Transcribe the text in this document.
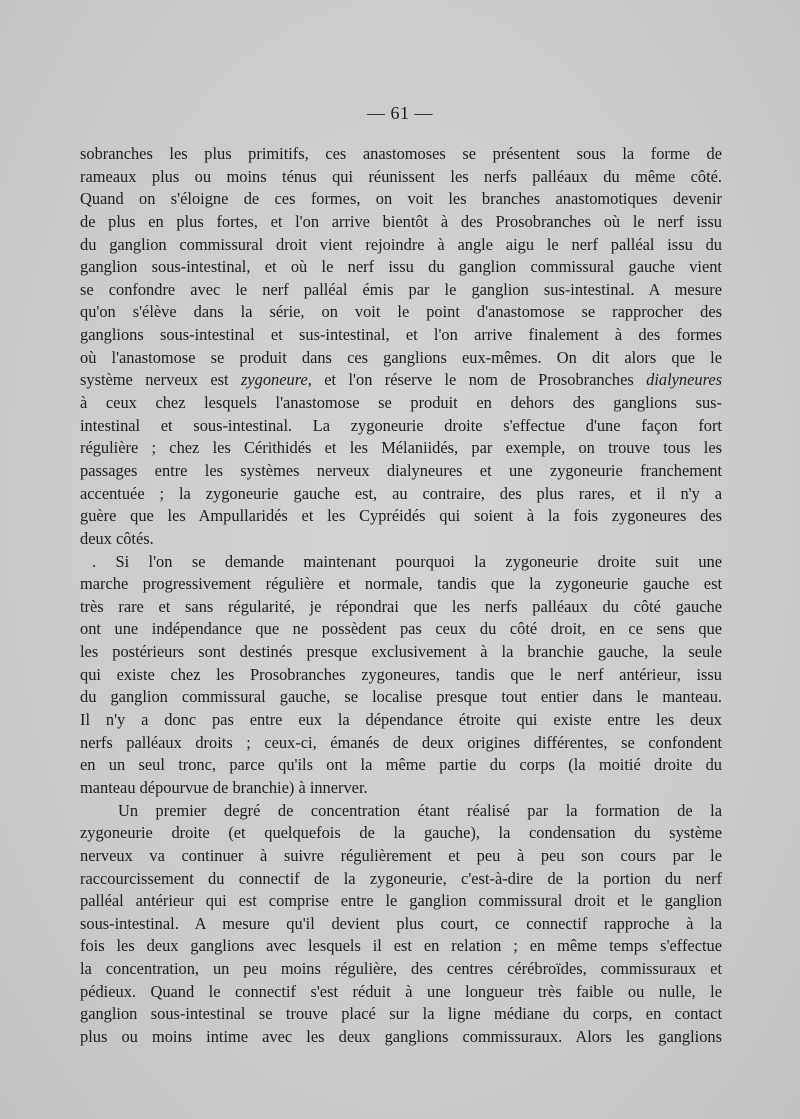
— 61 —
sobranches les plus primitifs, ces anastomoses se présentent sous la forme de
rameaux plus ou moins ténus qui réunissent les nerfs palléaux du même côté.
Quand on s'éloigne de ces formes, on voit les branches anastomotiques devenir
de plus en plus fortes, et l'on arrive bientôt à des Prosobranches où le nerf issu
du ganglion commissural droit vient rejoindre à angle aigu le nerf palléal issu du
ganglion sous-intestinal, et où le nerf issu du ganglion commissural gauche vient
se confondre avec le nerf palléal émis par le ganglion sus-intestinal. A mesure
qu'on s'élève dans la série, on voit le point d'anastomose se rapprocher des
ganglions sous-intestinal et sus-intestinal, et l'on arrive finalement à des formes
où l'anastomose se produit dans ces ganglions eux-mêmes. On dit alors que le
système nerveux est zygoneure, et l'on réserve le nom de Prosobranches dialyneures
à ceux chez lesquels l'anastomose se produit en dehors des ganglions sus-
intestinal et sous-intestinal. La zygoneurie droite s'effectue d'une façon fort
régulière ; chez les Cérithidés et les Mélaniidés, par exemple, on trouve tous les
passages entre les systèmes nerveux dialyneures et une zygoneurie franchement
accentuée ; la zygoneurie gauche est, au contraire, des plus rares, et il n'y a
guère que les Ampullaridés et les Cypréidés qui soient à la fois zygoneures des
deux côtés.
. Si l'on se demande maintenant pourquoi la zygoneurie droite suit une
marche progressivement régulière et normale, tandis que la zygoneurie gauche est
très rare et sans régularité, je répondrai que les nerfs palléaux du côté gauche
ont une indépendance que ne possèdent pas ceux du côté droit, en ce sens que
les postérieurs sont destinés presque exclusivement à la branchie gauche, la seule
qui existe chez les Prosobranches zygoneures, tandis que le nerf antérieur, issu
du ganglion commissural gauche, se localise presque tout entier dans le manteau.
Il n'y a donc pas entre eux la dépendance étroite qui existe entre les deux
nerfs palléaux droits ; ceux-ci, émanés de deux origines différentes, se confondent
en un seul tronc, parce qu'ils ont la même partie du corps (la moitié droite du
manteau dépourvue de branchie) à innerver.
Un premier degré de concentration étant réalisé par la formation de la
zygoneurie droite (et quelquefois de la gauche), la condensation du système
nerveux va continuer à suivre régulièrement et peu à peu son cours par le
raccourcissement du connectif de la zygoneurie, c'est-à-dire de la portion du nerf
palléal antérieur qui est comprise entre le ganglion commissural droit et le ganglion
sous-intestinal. A mesure qu'il devient plus court, ce connectif rapproche à la
fois les deux ganglions avec lesquels il est en relation ; en même temps s'effectue
la concentration, un peu moins régulière, des centres cérébroïdes, commissuraux et
pédieux. Quand le connectif s'est réduit à une longueur très faible ou nulle, le
ganglion sous-intestinal se trouve placé sur la ligne médiane du corps, en contact
plus ou moins intime avec les deux ganglions commissuraux. Alors les ganglions
